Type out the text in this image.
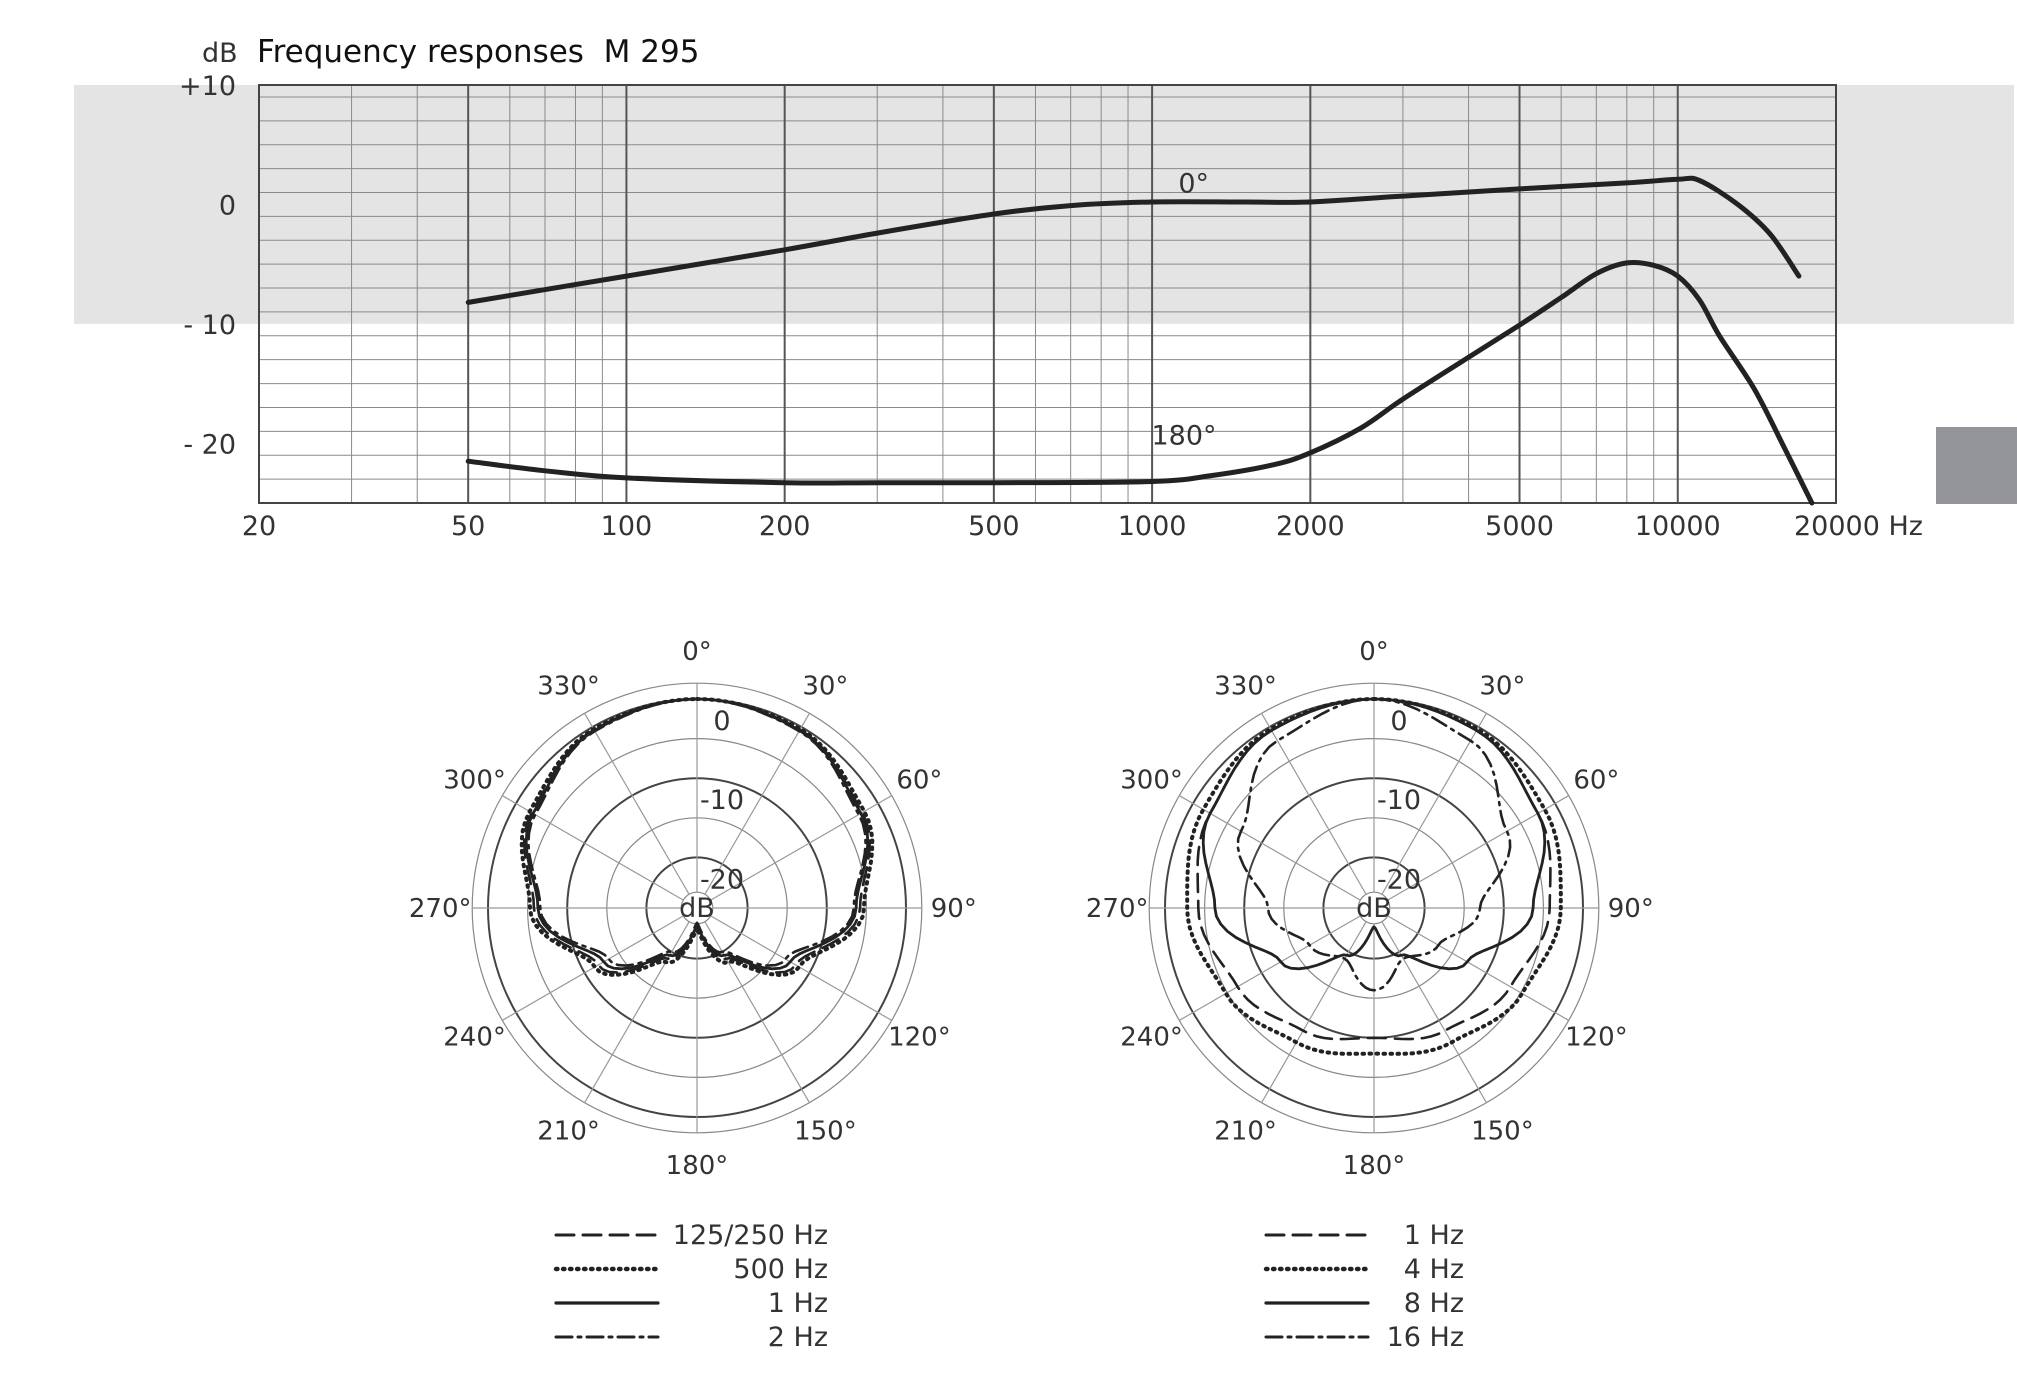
20	50	100	200	500	1000	2000	5000	10000	20000 Hz
+10
0
- 10
- 20
0°
180°
dB Frequency responses  M 295
0°
30°
60°
90°
120°
150°
180°
210°
240°
270°
300°
330°
0
-10
-20
dB
0°
30°
60°
90°
120°
150°
180°
210°
240°
270°
300°
330°
0
-10
-20
dB
125/250 Hz
500 Hz
1 Hz
2 Hz
1 Hz
4 Hz
8 Hz
16 Hz
